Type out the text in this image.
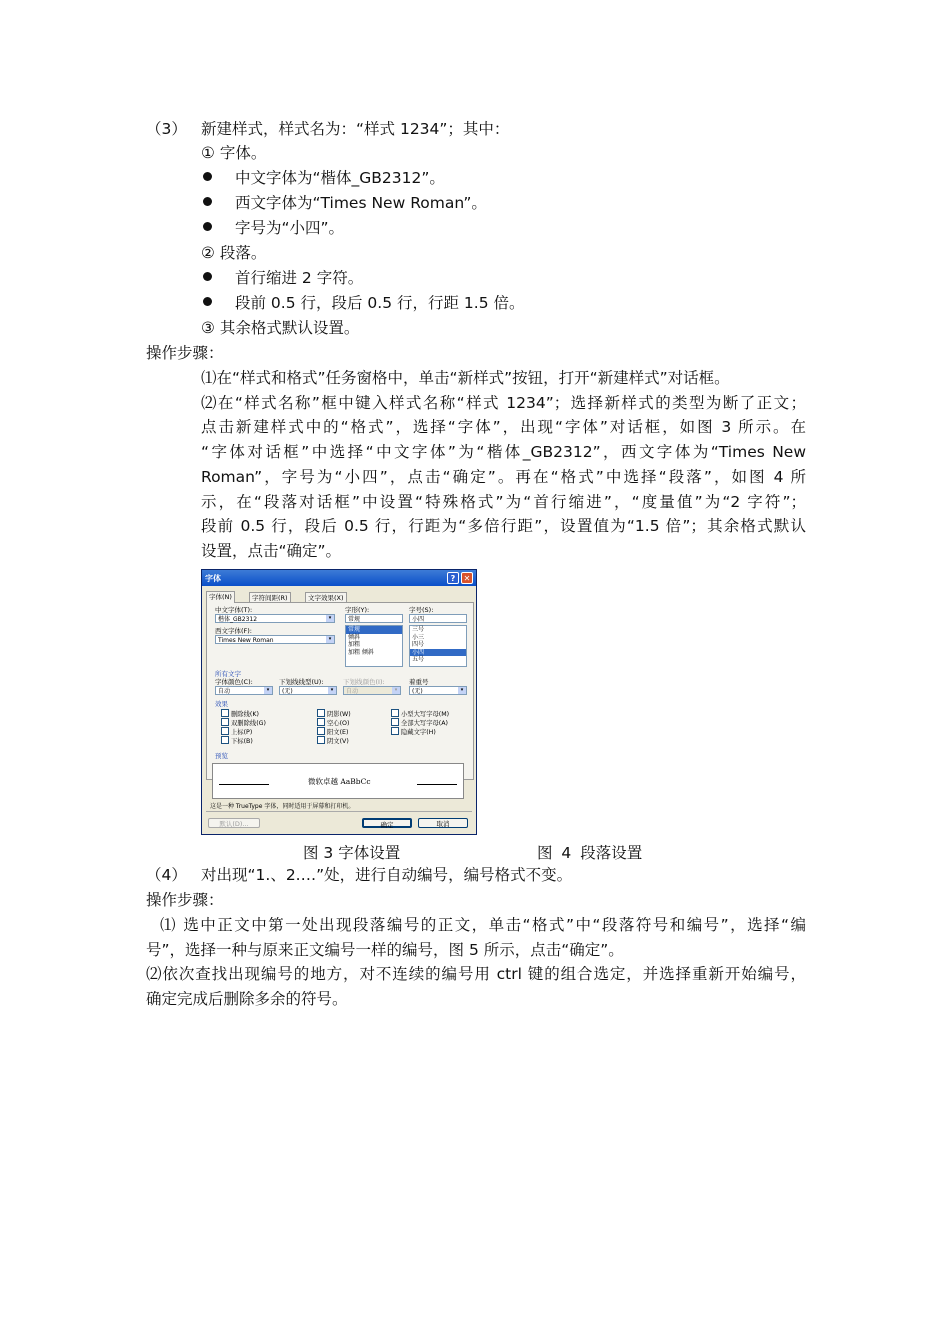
（3） 新建样式，样式名为：“样式 1234”；其中：
① 字体。
中文字体为“楷体_GB2312”。
西文字体为“Times New Roman”。
字号为“小四”。
② 段落。
首行缩进 2 字符。
段前 0.5 行，段后 0.5 行，行距 1.5 倍。
③ 其余格式默认设置。
操作步骤：
⑴在“样式和格式”任务窗格中，单击“新样式”按钮，打开“新建样式”对话框。
⑵在“样式名称”框中键入样式名称“样式 1234”；选择新样式的类型为断了正文；
点击新建样式中的“格式”，选择“字体”，出现“字体”对话框，如图 3 所示。在
“字体对话框”中选择“中文字体”为“楷体_GB2312”，西文字体为“Times New
Roman”，字号为“小四”，点击“确定”。再在“格式”中选择“段落”，如图 4 所
示，在“段落对话框”中设置“特殊格式”为“首行缩进”，“度量值”为“2 字符”；
段前 0.5 行，段后 0.5 行，行距为“多倍行距”，设置值为“1.5 倍”；其余格式默认
设置，点击“确定”。
字体	?	✕
字体(N)	字符间距(R)	文字效果(X)
中文字体(T):
楷体_GB2312	▾
西文字体(F):
Times New Roman	▾
字形(Y):
常规
常规
倾斜
加粗
加粗 倾斜
字号(S):
小四
三号
小三
四号
小四
五号
所有文字
字体颜色(C):
自动	▾
下划线线型(U):
(无)	▾
下划线颜色(I):
自动	▾
着重号
(无)	▾
效果
删除线(K)
双删除线(G)
上标(P)
下标(B)
阴影(W)
空心(O)
阳文(E)
阴文(V)
小型大写字母(M)
全部大写字母(A)
隐藏文字(H)
预览
微软卓越 AaBbCc
这是一种 TrueType 字体，同时适用于屏幕和打印机。
默认(D)...	确定	取消
图 3 字体设置	图 4 段落设置
（4） 对出现“1.、2.…”处，进行自动编号，编号格式不变。
操作步骤：
⑴ 选中正文中第一处出现段落编号的正文，单击“格式”中“段落符号和编号”，选择“编
号”，选择一种与原来正文编号一样的编号，图 5 所示，点击“确定”。
⑵依次查找出现编号的地方，对不连续的编号用 ctrl 键的组合选定，并选择重新开始编号，
确定完成后删除多余的符号。
